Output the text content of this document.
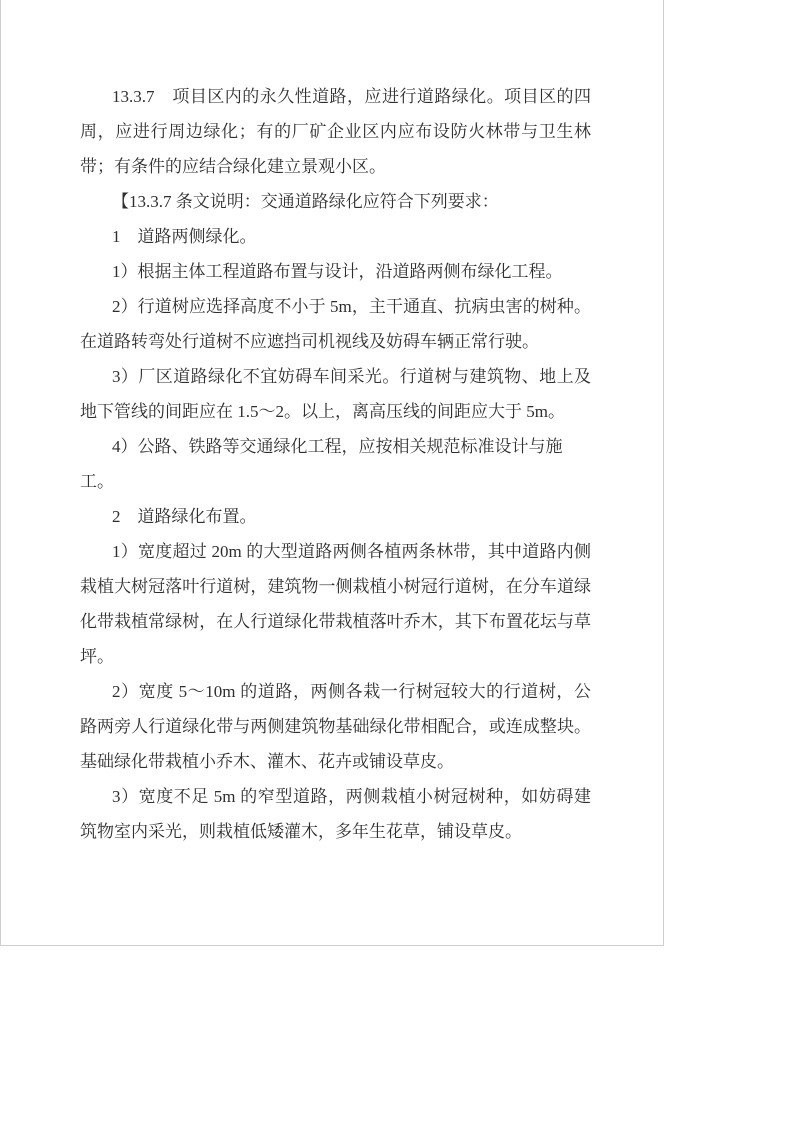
13.3.7　项目区内的永久性道路，应进行道路绿化。项目区的四
周，应进行周边绿化；有的厂矿企业区内应布设防火林带与卫生林
带；有条件的应结合绿化建立景观小区。
【13.3.7 条文说明：交通道路绿化应符合下列要求：
1　道路两侧绿化。
1）根据主体工程道路布置与设计，沿道路两侧布绿化工程。
2）行道树应选择高度不小于 5m，主干通直、抗病虫害的树种。
在道路转弯处行道树不应遮挡司机视线及妨碍车辆正常行驶。
3）厂区道路绿化不宜妨碍车间采光。行道树与建筑物、地上及
地下管线的间距应在 1.5～2。以上，离高压线的间距应大于 5m。
4）公路、铁路等交通绿化工程，应按相关规范标准设计与施工。
2　道路绿化布置。
1）宽度超过 20m 的大型道路两侧各植两条林带，其中道路内侧
栽植大树冠落叶行道树，建筑物一侧栽植小树冠行道树，在分车道绿
化带栽植常绿树，在人行道绿化带栽植落叶乔木，其下布置花坛与草
坪。
2）宽度 5～10m 的道路，两侧各栽一行树冠较大的行道树，公
路两旁人行道绿化带与两侧建筑物基础绿化带相配合，或连成整块。
基础绿化带栽植小乔木、灌木、花卉或铺设草皮。
3）宽度不足 5m 的窄型道路，两侧栽植小树冠树种，如妨碍建
筑物室内采光，则栽植低矮灌木，多年生花草，铺设草皮。
